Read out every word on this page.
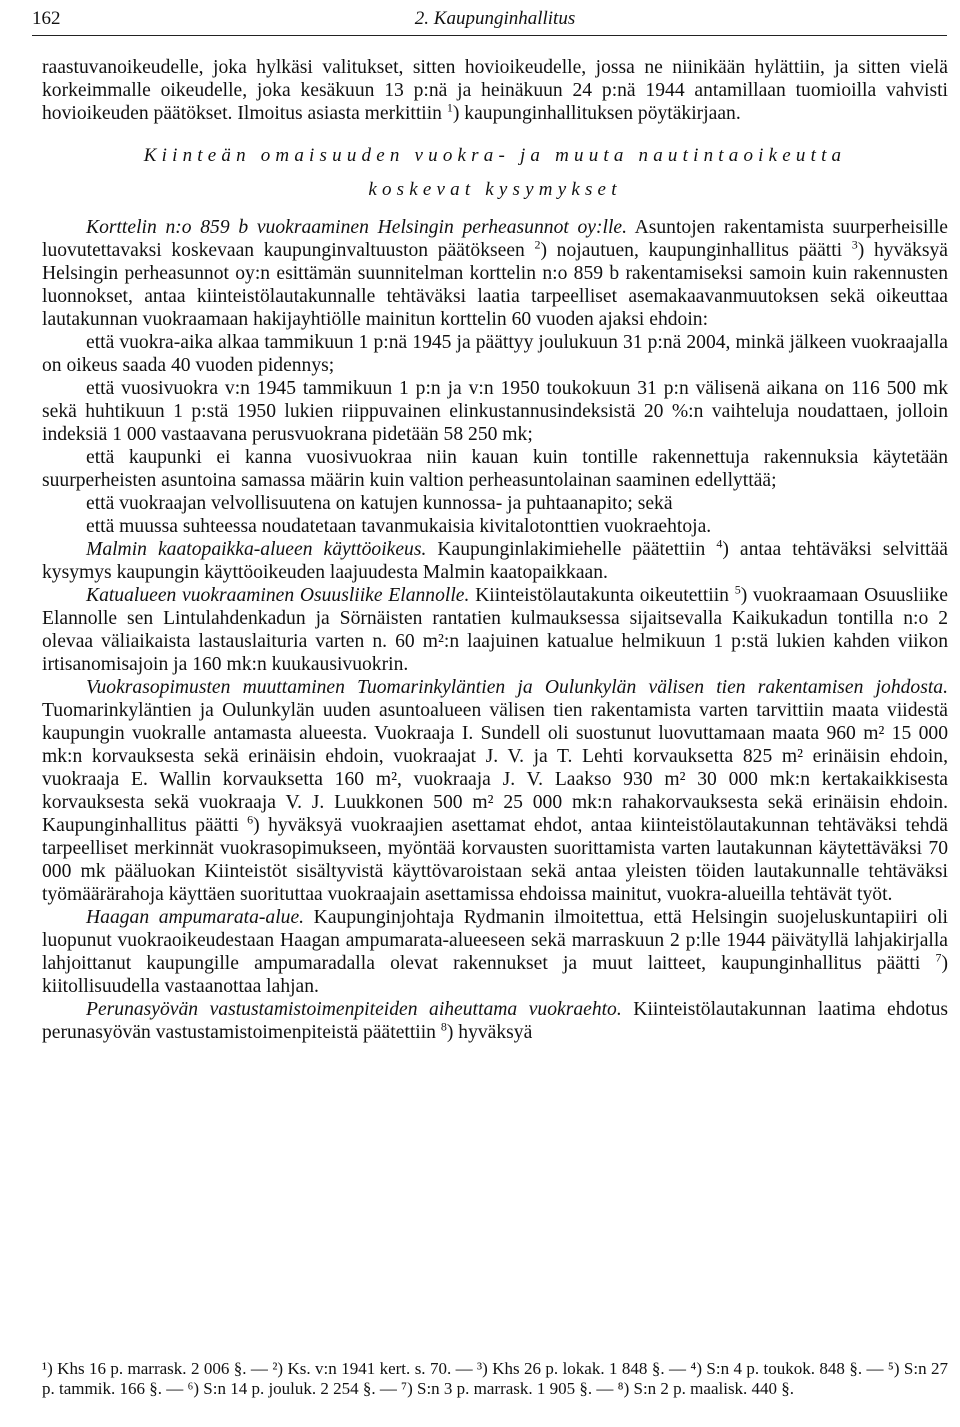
162	2. Kaupunginhallitus

raastuvanoikeudelle, joka hylkäsi valitukset, sitten hovioikeudelle, jossa ne niinikään hylättiin, ja sitten vielä korkeimmalle oikeudelle, joka kesäkuun 13 p:nä ja heinäkuun 24 p:nä 1944 antamillaan tuomioilla vahvisti hovioikeuden päätökset. Ilmoitus asiasta merkittiin $^1$) kaupunginhallituksen pöytäkirjaan.

Kiinteän omaisuuden vuokra- ja muuta nautintaoikeutta

koskevat kysymykset

Korttelin n:o 859 b vuokraaminen Helsingin perheasunnot oy:lle. Asuntojen rakentamista suurperheisille luovutettavaksi koskevaan kaupunginvaltuuston päätökseen $^2$) nojautuen, kaupunginhallitus päätti $^3$) hyväksyä Helsingin perheasunnot oy:n esittämän suunnitelman korttelin n:o 859 b rakentamiseksi samoin kuin rakennusten luonnokset, antaa kiinteistölautakunnalle tehtäväksi laatia tarpeelliset asemakaavanmuutoksen sekä oikeuttaa lautakunnan vuokraamaan hakijayhtiölle mainitun korttelin 60 vuoden ajaksi ehdoin:

että vuokra-aika alkaa tammikuun 1 p:nä 1945 ja päättyy joulukuun 31 p:nä 2004, minkä jälkeen vuokraajalla on oikeus saada 40 vuoden pidennys;

että vuosivuokra v:n 1945 tammikuun 1 p:n ja v:n 1950 toukokuun 31 p:n välisenä aikana on 116 500 mk sekä huhtikuun 1 p:stä 1950 lukien riippuvainen elinkustannusindeksistä 20 %:n vaihteluja noudattaen, jolloin indeksiä 1 000 vastaavana perusvuokrana pidetään 58 250 mk;

että kaupunki ei kanna vuosivuokraa niin kauan kuin tontille rakennettuja rakennuksia käytetään suurperheisten asuntoina samassa määrin kuin valtion perheasuntolainan saaminen edellyttää;

että vuokraajan velvollisuutena on katujen kunnossa- ja puhtaanapito; sekä

että muussa suhteessa noudatetaan tavanmukaisia kivitalotonttien vuokraehtoja.

Malmin kaatopaikka-alueen käyttöoikeus. Kaupunginlakimiehelle päätettiin $^4$) antaa tehtäväksi selvittää kysymys kaupungin käyttöoikeuden laajuudesta Malmin kaatopaikkaan.

Katualueen vuokraaminen Osuusliike Elannolle. Kiinteistölautakunta oikeutettiin $^5$) vuokraamaan Osuusliike Elannolle sen Lintulahdenkadun ja Sörnäisten rantatien kulmauksessa sijaitsevalla Kaikukadun tontilla n:o 2 olevaa väliaikaista lastauslaituria varten n. 60 m²:n laajuinen katualue helmikuun 1 p:stä lukien kahden viikon irtisanomisajoin ja 160 mk:n kuukausivuokrin.

Vuokrasopimusten muuttaminen Tuomarinkyläntien ja Oulunkylän välisen tien rakentamisen johdosta. Tuomarinkyläntien ja Oulunkylän uuden asuntoalueen välisen tien rakentamista varten tarvittiin maata viidestä kaupungin vuokralle antamasta alueesta. Vuokraaja I. Sundell oli suostunut luovuttamaan maata 960 m² 15 000 mk:n korvauksesta sekä erinäisin ehdoin, vuokraajat J. V. ja T. Lehti korvauksetta 825 m² erinäisin ehdoin, vuokraaja E. Wallin korvauksetta 160 m², vuokraaja J. V. Laakso 930 m² 30 000 mk:n kertakaikkisesta korvauksesta sekä vuokraaja V. J. Luukkonen 500 m² 25 000 mk:n rahakorvauksesta sekä erinäisin ehdoin. Kaupunginhallitus päätti $^6$) hyväksyä vuokraajien asettamat ehdot, antaa kiinteistölautakunnan tehtäväksi tehdä tarpeelliset merkinnät vuokrasopimukseen, myöntää korvausten suorittamista varten lautakunnan käytettäväksi 70 000 mk pääluokan Kiinteistöt sisältyvistä käyttövaroistaan sekä antaa yleisten töiden lautakunnalle tehtäväksi työmäärärahoja käyttäen suorituttaa vuokraajain asettamissa ehdoissa mainitut, vuokra-alueilla tehtävät työt.

Haagan ampumarata-alue. Kaupunginjohtaja Rydmanin ilmoitettua, että Helsingin suojeluskuntapiiri oli luopunut vuokraoikeudestaan Haagan ampumarata-alueeseen sekä marraskuun 2 p:lle 1944 päivätyllä lahjakirjalla lahjoittanut kaupungille ampumaradalla olevat rakennukset ja muut laitteet, kaupunginhallitus päätti $^7$) kiitollisuudella vastaanottaa lahjan.

Perunasyövän vastustamistoimenpiteiden aiheuttama vuokraehto. Kiinteistölautakunnan laatima ehdotus perunasyövän vastustamistoimenpiteistä päätettiin $^8$) hyväksyä

¹) Khs 16 p. marrask. 2 006 §. — ²) Ks. v:n 1941 kert. s. 70. — ³) Khs 26 p. lokak. 1 848 §. — ⁴) S:n 4 p. toukok. 848 §. — ⁵) S:n 27 p. tammik. 166 §. — ⁶) S:n 14 p. jouluk. 2 254 §. — ⁷) S:n 3 p. marrask. 1 905 §. — ⁸) S:n 2 p. maalisk. 440 §.
